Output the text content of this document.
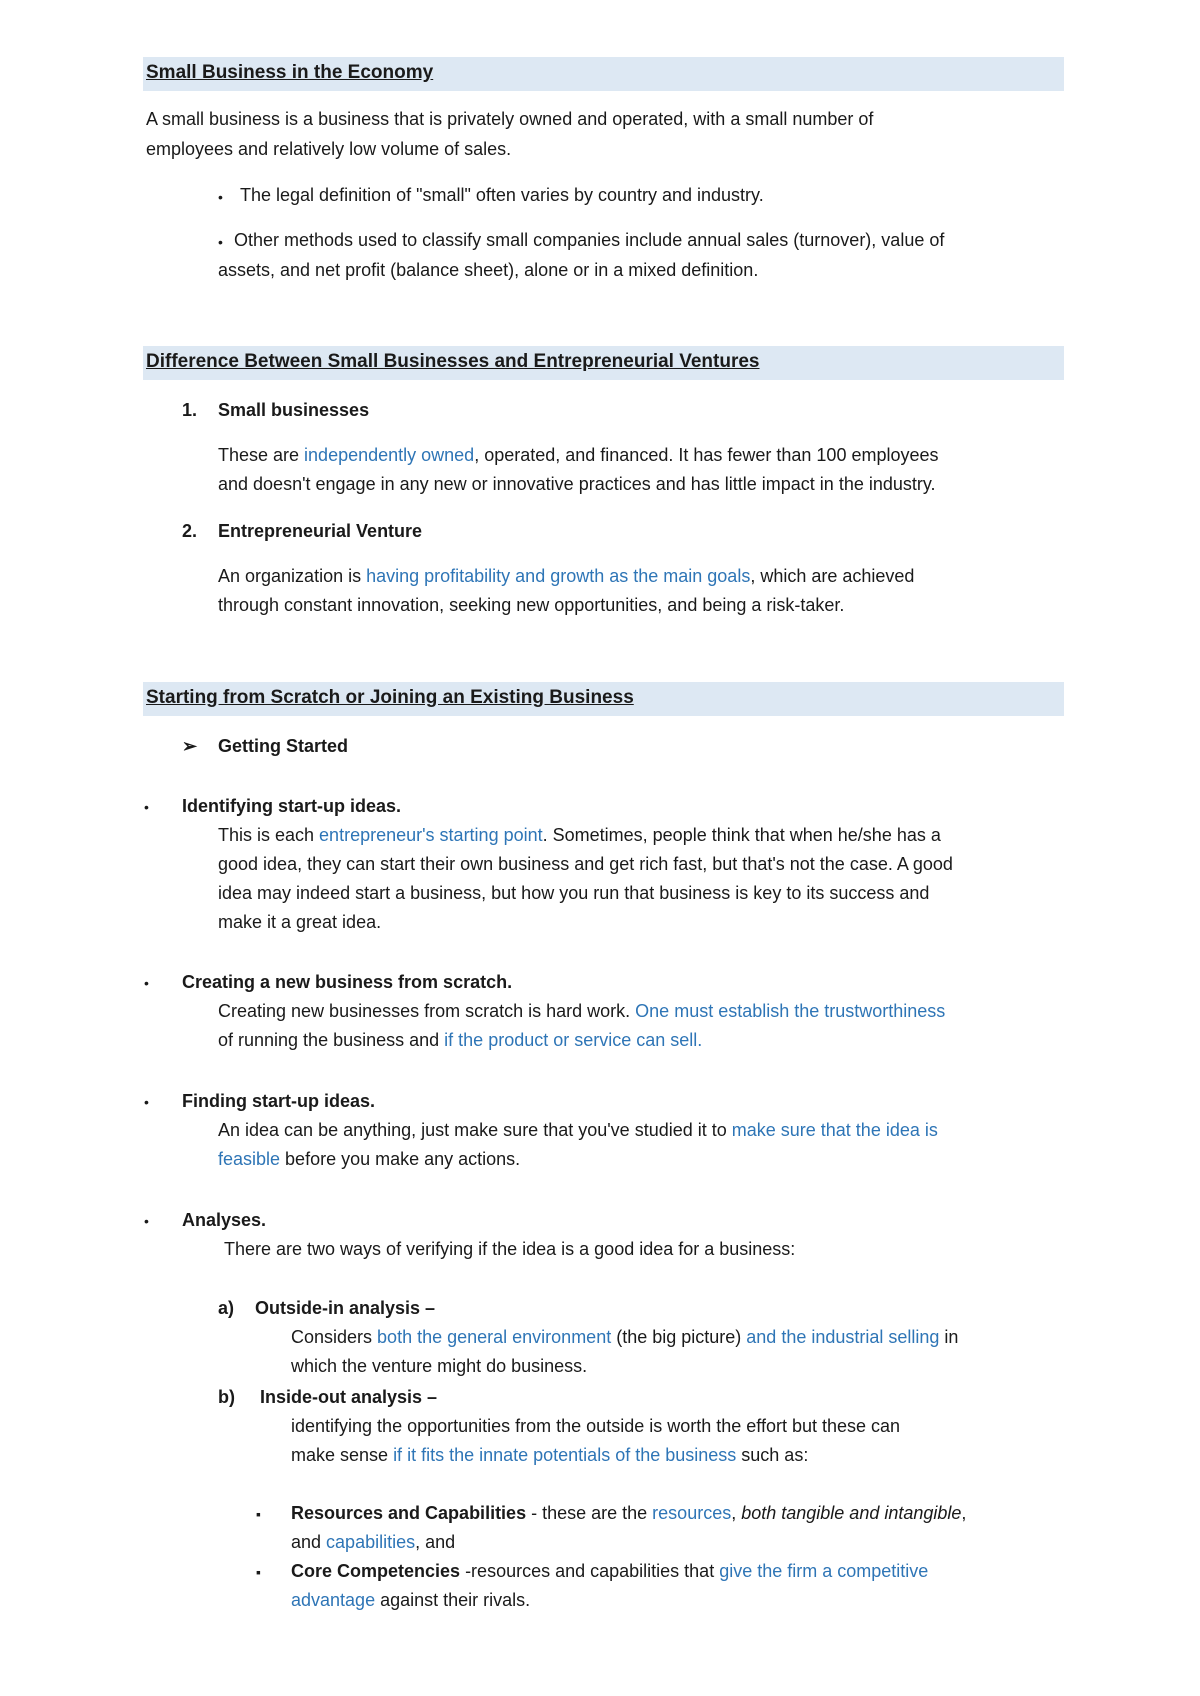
Small Business in the Economy
A small business is a business that is privately owned and operated, with a small number of
employees and relatively low volume of sales.
• The legal definition of "small" often varies by country and industry.
• Other methods used to classify small companies include annual sales (turnover), value of
assets, and net profit (balance sheet), alone or in a mixed definition.
Difference Between Small Businesses and Entrepreneurial Ventures
1. Small businesses
These are independently owned, operated, and financed. It has fewer than 100 employees
and doesn't engage in any new or innovative practices and has little impact in the industry.
2. Entrepreneurial Venture
An organization is having profitability and growth as the main goals, which are achieved
through constant innovation, seeking new opportunities, and being a risk-taker.
Starting from Scratch or Joining an Existing Business
➢ Getting Started
• Identifying start-up ideas.
This is each entrepreneur's starting point. Sometimes, people think that when he/she has a
good idea, they can start their own business and get rich fast, but that's not the case. A good
idea may indeed start a business, but how you run that business is key to its success and
make it a great idea.
• Creating a new business from scratch.
Creating new businesses from scratch is hard work. One must establish the trustworthiness
of running the business and if the product or service can sell.
• Finding start-up ideas.
An idea can be anything, just make sure that you've studied it to make sure that the idea is
feasible before you make any actions.
• Analyses.
There are two ways of verifying if the idea is a good idea for a business:
a) Outside-in analysis –
Considers both the general environment (the big picture) and the industrial selling in
which the venture might do business.
b) Inside-out analysis –
identifying the opportunities from the outside is worth the effort but these can
make sense if it fits the innate potentials of the business such as:
▪ Resources and Capabilities - these are the resources, both tangible and intangible,
and capabilities, and
▪ Core Competencies -resources and capabilities that give the firm a competitive
advantage against their rivals.
